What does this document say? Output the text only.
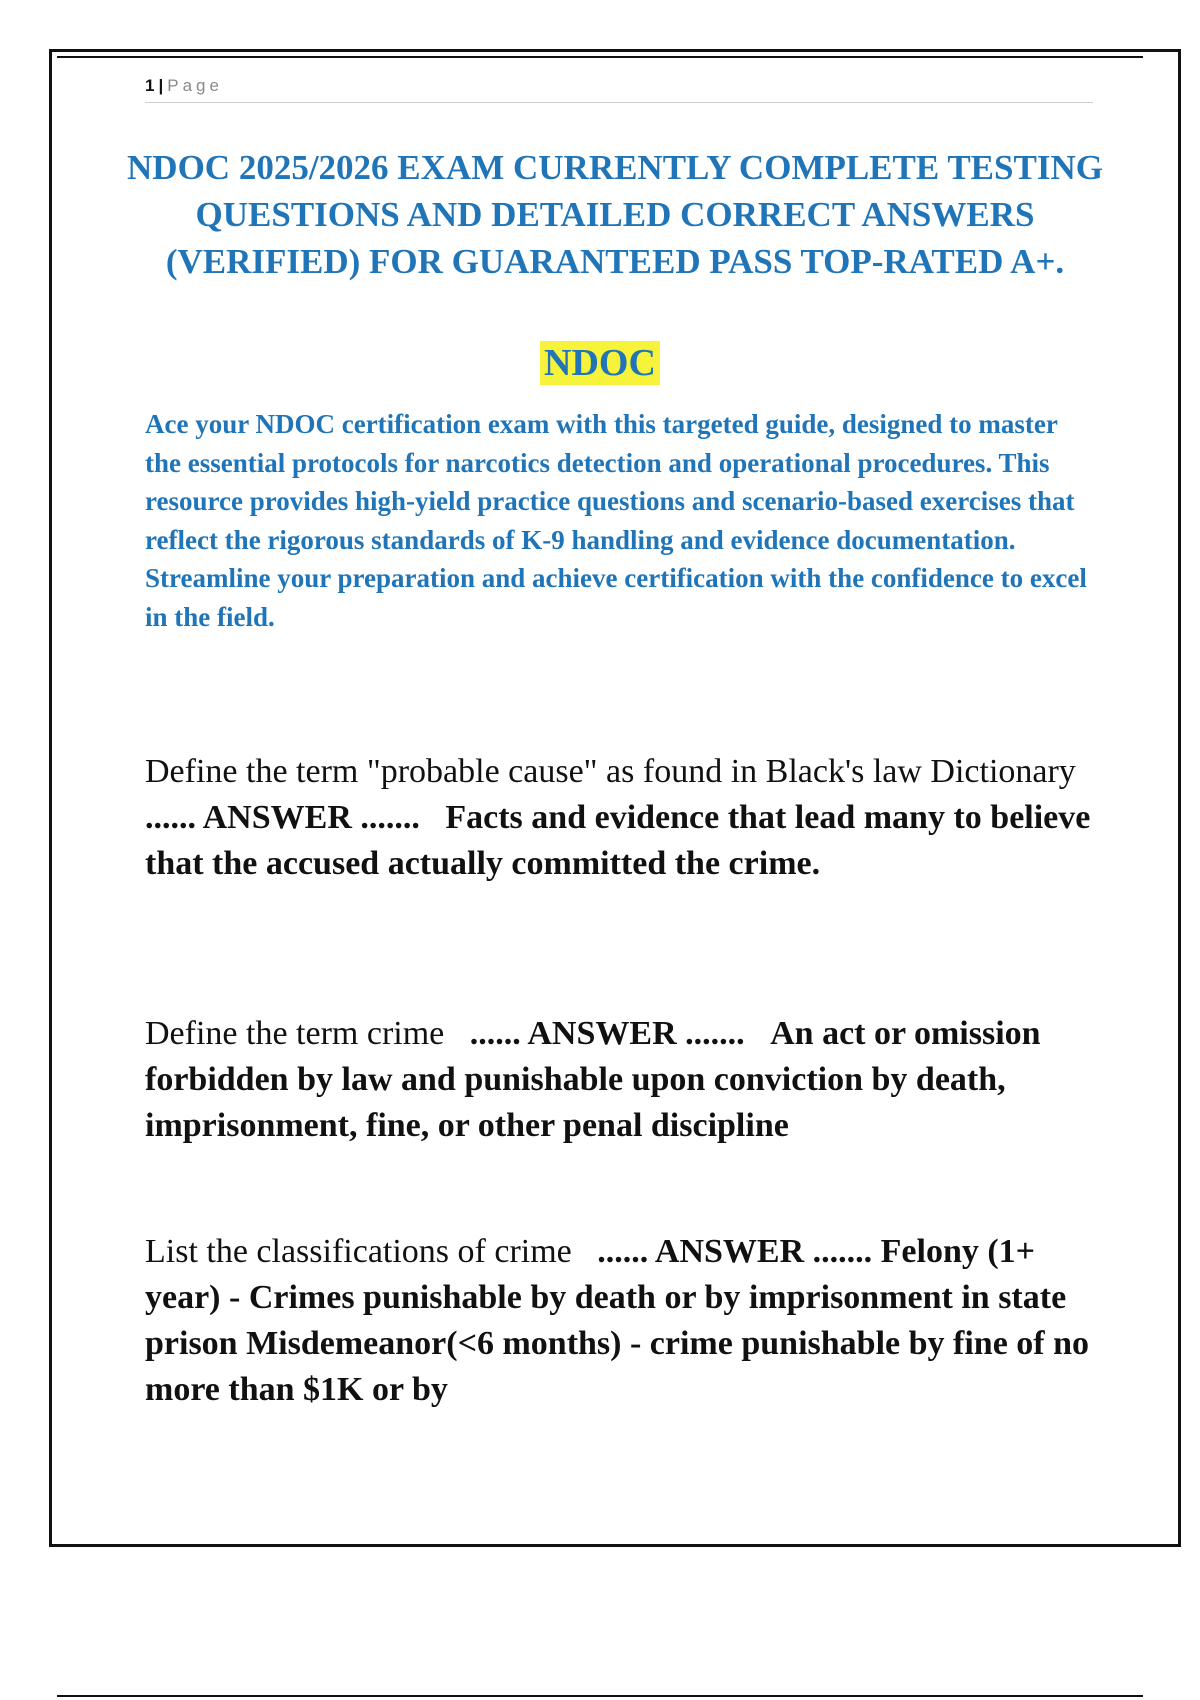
1 | Page
NDOC 2025/2026 EXAM CURRENTLY COMPLETE TESTING QUESTIONS AND DETAILED CORRECT ANSWERS (VERIFIED) FOR GUARANTEED PASS TOP-RATED A+.
NDOC
Ace your NDOC certification exam with this targeted guide, designed to master the essential protocols for narcotics detection and operational procedures. This resource provides high-yield practice questions and scenario-based exercises that reflect the rigorous standards of K-9 handling and evidence documentation. Streamline your preparation and achieve certification with the confidence to excel in the field.
Define the term "probable cause" as found in Black's law Dictionary   ...... ANSWER ....... Facts and evidence that lead many to believe that the accused actually committed the crime.
Define the term crime ...... ANSWER ....... An act or omission forbidden by law and punishable upon conviction by death, imprisonment, fine, or other penal discipline
List the classifications of crime ...... ANSWER ....... Felony (1+ year) - Crimes punishable by death or by imprisonment in state prison Misdemeanor(<6 months) - crime punishable by fine of no more than $1K or by
